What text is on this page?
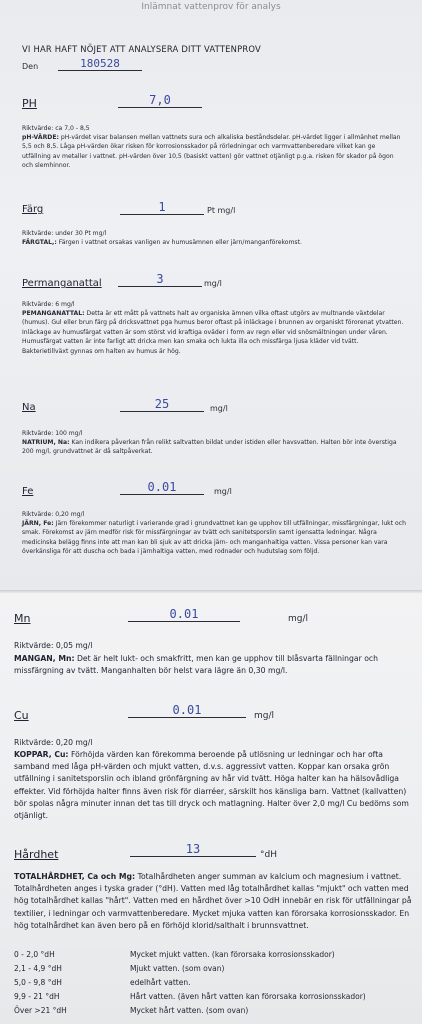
Inlämnat vattenprov för analys

VI HAR HAFT NÖJET ATT ANALYSERA DITT VATTENPROV

Den	180528

PH	7,0

Riktvärde: ca 7,0 - 8,5

pH-VÄRDE: pH-värdet visar balansen mellan vattnets sura och alkaliska beståndsdelar. pH-värdet ligger i allmänhet mellan 5,5 och 8,5. Låga pH-värden ökar risken för korrosionsskador på rörledningar och varmvattenberedare vilket kan ge utfällning av metaller i vattnet. pH-värden över 10,5 (basiskt vatten) gör vattnet otjänligt p.g.a. risken för skador på ögon och slemhinnor.

Färg	1	Pt mg/l

Riktvärde: under 30 Pt mg/l

FÄRGTAL,: Färgen i vattnet orsakas vanligen av humusämnen eller järn/manganförekomst.

Permanganattal	3	mg/l

Riktvärde: 6 mg/l

PEMANGANATTAL: Detta är ett mått på vattnets halt av organiska ämnen vilka oftast utgörs av multnande växtdelar (humus). Gul eller brun färg på dricksvattnet pga humus beror oftast på inläckage i brunnen av organiskt förorenat ytvatten. Inläckage av humusfärgat vatten är som störst vid kraftiga oväder i form av regn eller vid snösmältningen under våren. Humusfärgat vatten är inte farligt att dricka men kan smaka och lukta illa och missfärga ljusa kläder vid tvätt. Bakterietillväxt gynnas om halten av humus är hög.

Na	25	mg/l

Riktvärde: 100 mg/l

NATRIUM, Na: Kan indikera påverkan från relikt saltvatten bildat under istiden eller havsvatten. Halten bör inte överstiga 200 mg/l, grundvattnet är då saltpåverkat.

Fe	0.01	mg/l

Riktvärde: 0,20 mg/l

JÄRN, Fe: Järn förekommer naturligt i varierande grad i grundvattnet kan ge upphov till utfällningar, missfärgningar, lukt och smak. Förekomst av järn medför risk för missfärgningar av tvätt och sanitetsporslin samt igensatta ledningar. Några medicinska belägg finns inte att man kan bli sjuk av att dricka järn- och manganhaltiga vatten. Vissa personer kan vara överkänsliga för att duscha och bada i järnhaltiga vatten, med rodnader och hudutslag som följd.

Mn	0.01	mg/l

Riktvärde: 0,05 mg/l

MANGAN, Mn: Det är helt lukt- och smakfritt, men kan ge upphov till blåsvarta fällningar och missfärgning av tvätt. Manganhalten bör helst vara lägre än 0,30 mg/l.

Cu	0.01	mg/l

Riktvärde: 0,20 mg/l

KOPPAR, Cu: Förhöjda värden kan förekomma beroende på utlösning ur ledningar och har ofta samband med låga pH-värden och mjukt vatten, d.v.s. aggressivt vatten. Koppar kan orsaka grön utfällning i sanitetsporslin och ibland grönfärgning av hår vid tvätt. Höga halter kan ha hälsovådliga effekter. Vid förhöjda halter finns även risk för diarréer, särskilt hos känsliga barn. Vattnet (kallvatten) bör spolas några minuter innan det tas till dryck och matlagning. Halter över 2,0 mg/l Cu bedöms som otjänligt.

Hårdhet	13	°dH

TOTALHÅRDHET, Ca och Mg: Totalhårdheten anger summan av kalcium och magnesium i vattnet. Totalhårdheten anges i tyska grader (°dH). Vatten med låg totalhårdhet kallas "mjukt" och vatten med hög totalhårdhet kallas "hårt". Vatten med en hårdhet över >10 OdH innebär en risk för utfällningar på textilier, i ledningar och varmvattenberedare. Mycket mjuka vatten kan förorsaka korrosionsskador. En hög totalhårdhet kan även bero på en förhöjd klorid/salthalt i brunnsvattnet.

0 - 2,0 °dH	Mycket mjukt vatten. (kan förorsaka korrosionsskador)
2,1 - 4,9 °dH	Mjukt vatten. (som ovan)
5,0 - 9,8 °dH	edelhårt vatten.
9,9 - 21 °dH	Hårt vatten. (även hårt vatten kan förorsaka korrosionsskador)
Över >21 °dH	Mycket hårt vatten. (som ovan)
